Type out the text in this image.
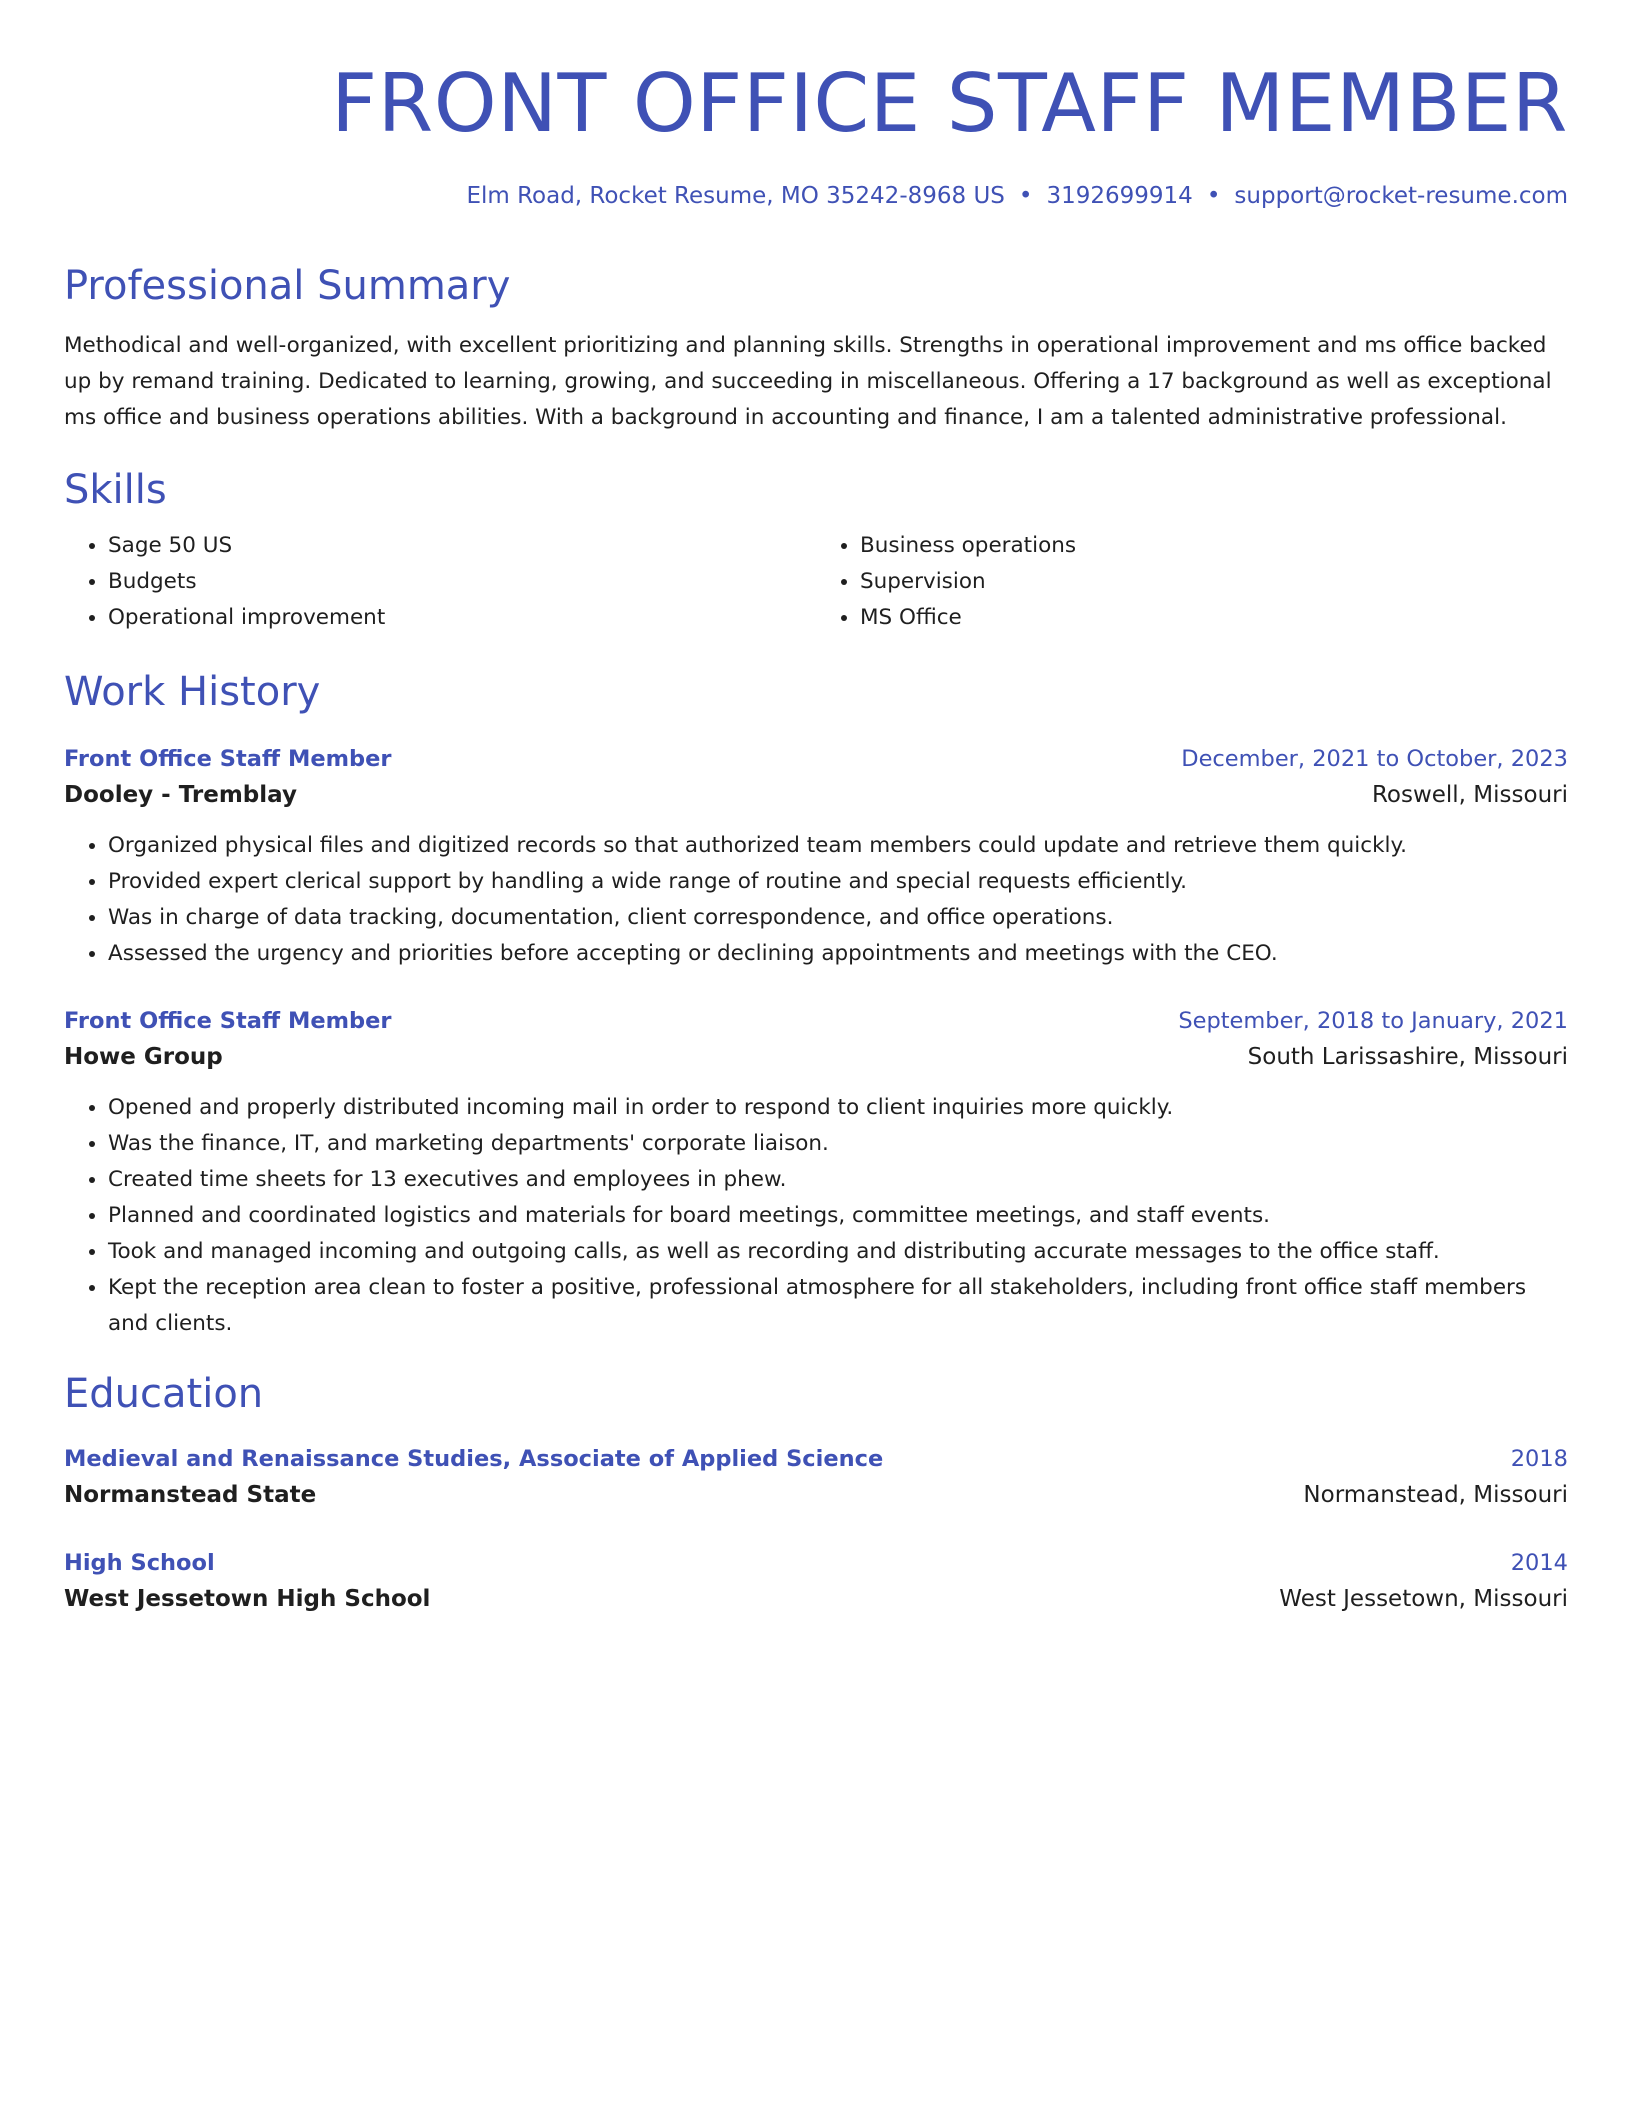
FRONT OFFICE STAFF MEMBER
Elm Road, Rocket Resume, MO 35242-8968 US • 3192699914 • support@rocket-resume.com
Professional Summary
Methodical and well-organized, with excellent prioritizing and planning skills. Strengths in operational improvement and ms office backed up by remand training. Dedicated to learning, growing, and succeeding in miscellaneous. Offering a 17 background as well as exceptional ms office and business operations abilities. With a background in accounting and finance, I am a talented administrative professional.
Skills
• Sage 50 US
• Budgets
• Operational improvement
• Business operations
• Supervision
• MS Office
Work History
Front Office Staff Member	December, 2021 to October, 2023
Dooley - Tremblay	Roswell, Missouri
• Organized physical files and digitized records so that authorized team members could update and retrieve them quickly.
• Provided expert clerical support by handling a wide range of routine and special requests efficiently.
• Was in charge of data tracking, documentation, client correspondence, and office operations.
• Assessed the urgency and priorities before accepting or declining appointments and meetings with the CEO.
Front Office Staff Member	September, 2018 to January, 2021
Howe Group	South Larissashire, Missouri
• Opened and properly distributed incoming mail in order to respond to client inquiries more quickly.
• Was the finance, IT, and marketing departments' corporate liaison.
• Created time sheets for 13 executives and employees in phew.
• Planned and coordinated logistics and materials for board meetings, committee meetings, and staff events.
• Took and managed incoming and outgoing calls, as well as recording and distributing accurate messages to the office staff.
• Kept the reception area clean to foster a positive, professional atmosphere for all stakeholders, including front office staff members and clients.
Education
Medieval and Renaissance Studies, Associate of Applied Science	2018
Normanstead State	Normanstead, Missouri
High School	2014
West Jessetown High School	West Jessetown, Missouri
